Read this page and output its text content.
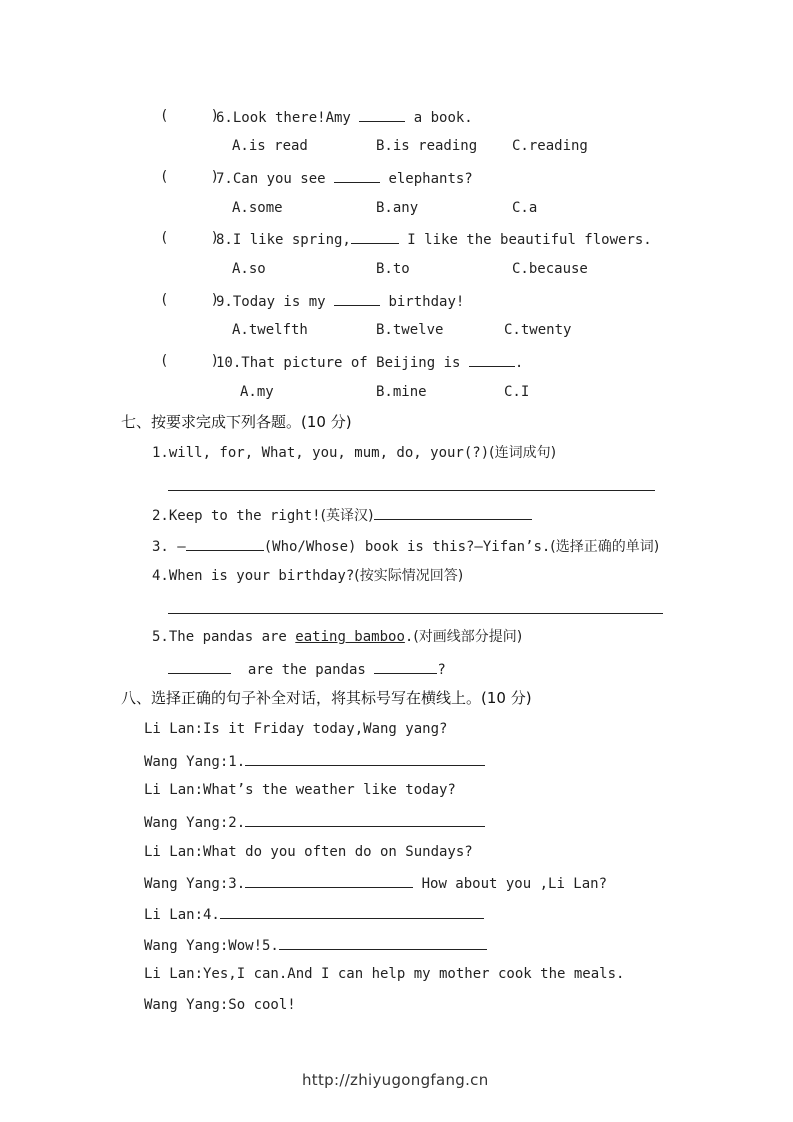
(     )
6.Look there!Amy	a book.
A.is read	B.is reading C.reading
(     )
7.Can you see	elephants?
A.some	B.any	C.a
(     )
8.I like spring,	I like the beautiful flowers.
A.so	B.to	C.because
(     )
9.Today is my	birthday!
A.twelfth	B.twelve	C.twenty
(     )
10.That picture of Beijing is	.
A.my	B.mine	C.I
七、按要求完成下列各题。(10 分)
1.will, for, What, you, mum, do, your(?)(连词成句)
2.Keep to the right!(英译汉)
3. —	(Who/Whose) book is this?—Yifan’s.(选择正确的单词)
4.When is your birthday?(按实际情况回答)
5.The pandas are eating bamboo.(对画线部分提问)
are the pandas	?
八、选择正确的句子补全对话，将其标号写在横线上。(10 分)
Li Lan:Is it Friday today,Wang yang?
Wang Yang:1.
Li Lan:What’s the weather like today?
Wang Yang:2.
Li Lan:What do you often do on Sundays?
Wang Yang:3.	How about you ,Li Lan?
Li Lan:4.
Wang Yang:Wow!5.
Li Lan:Yes,I can.And I can help my mother cook the meals.
Wang Yang:So cool!
http://zhiyugongfang.cn
